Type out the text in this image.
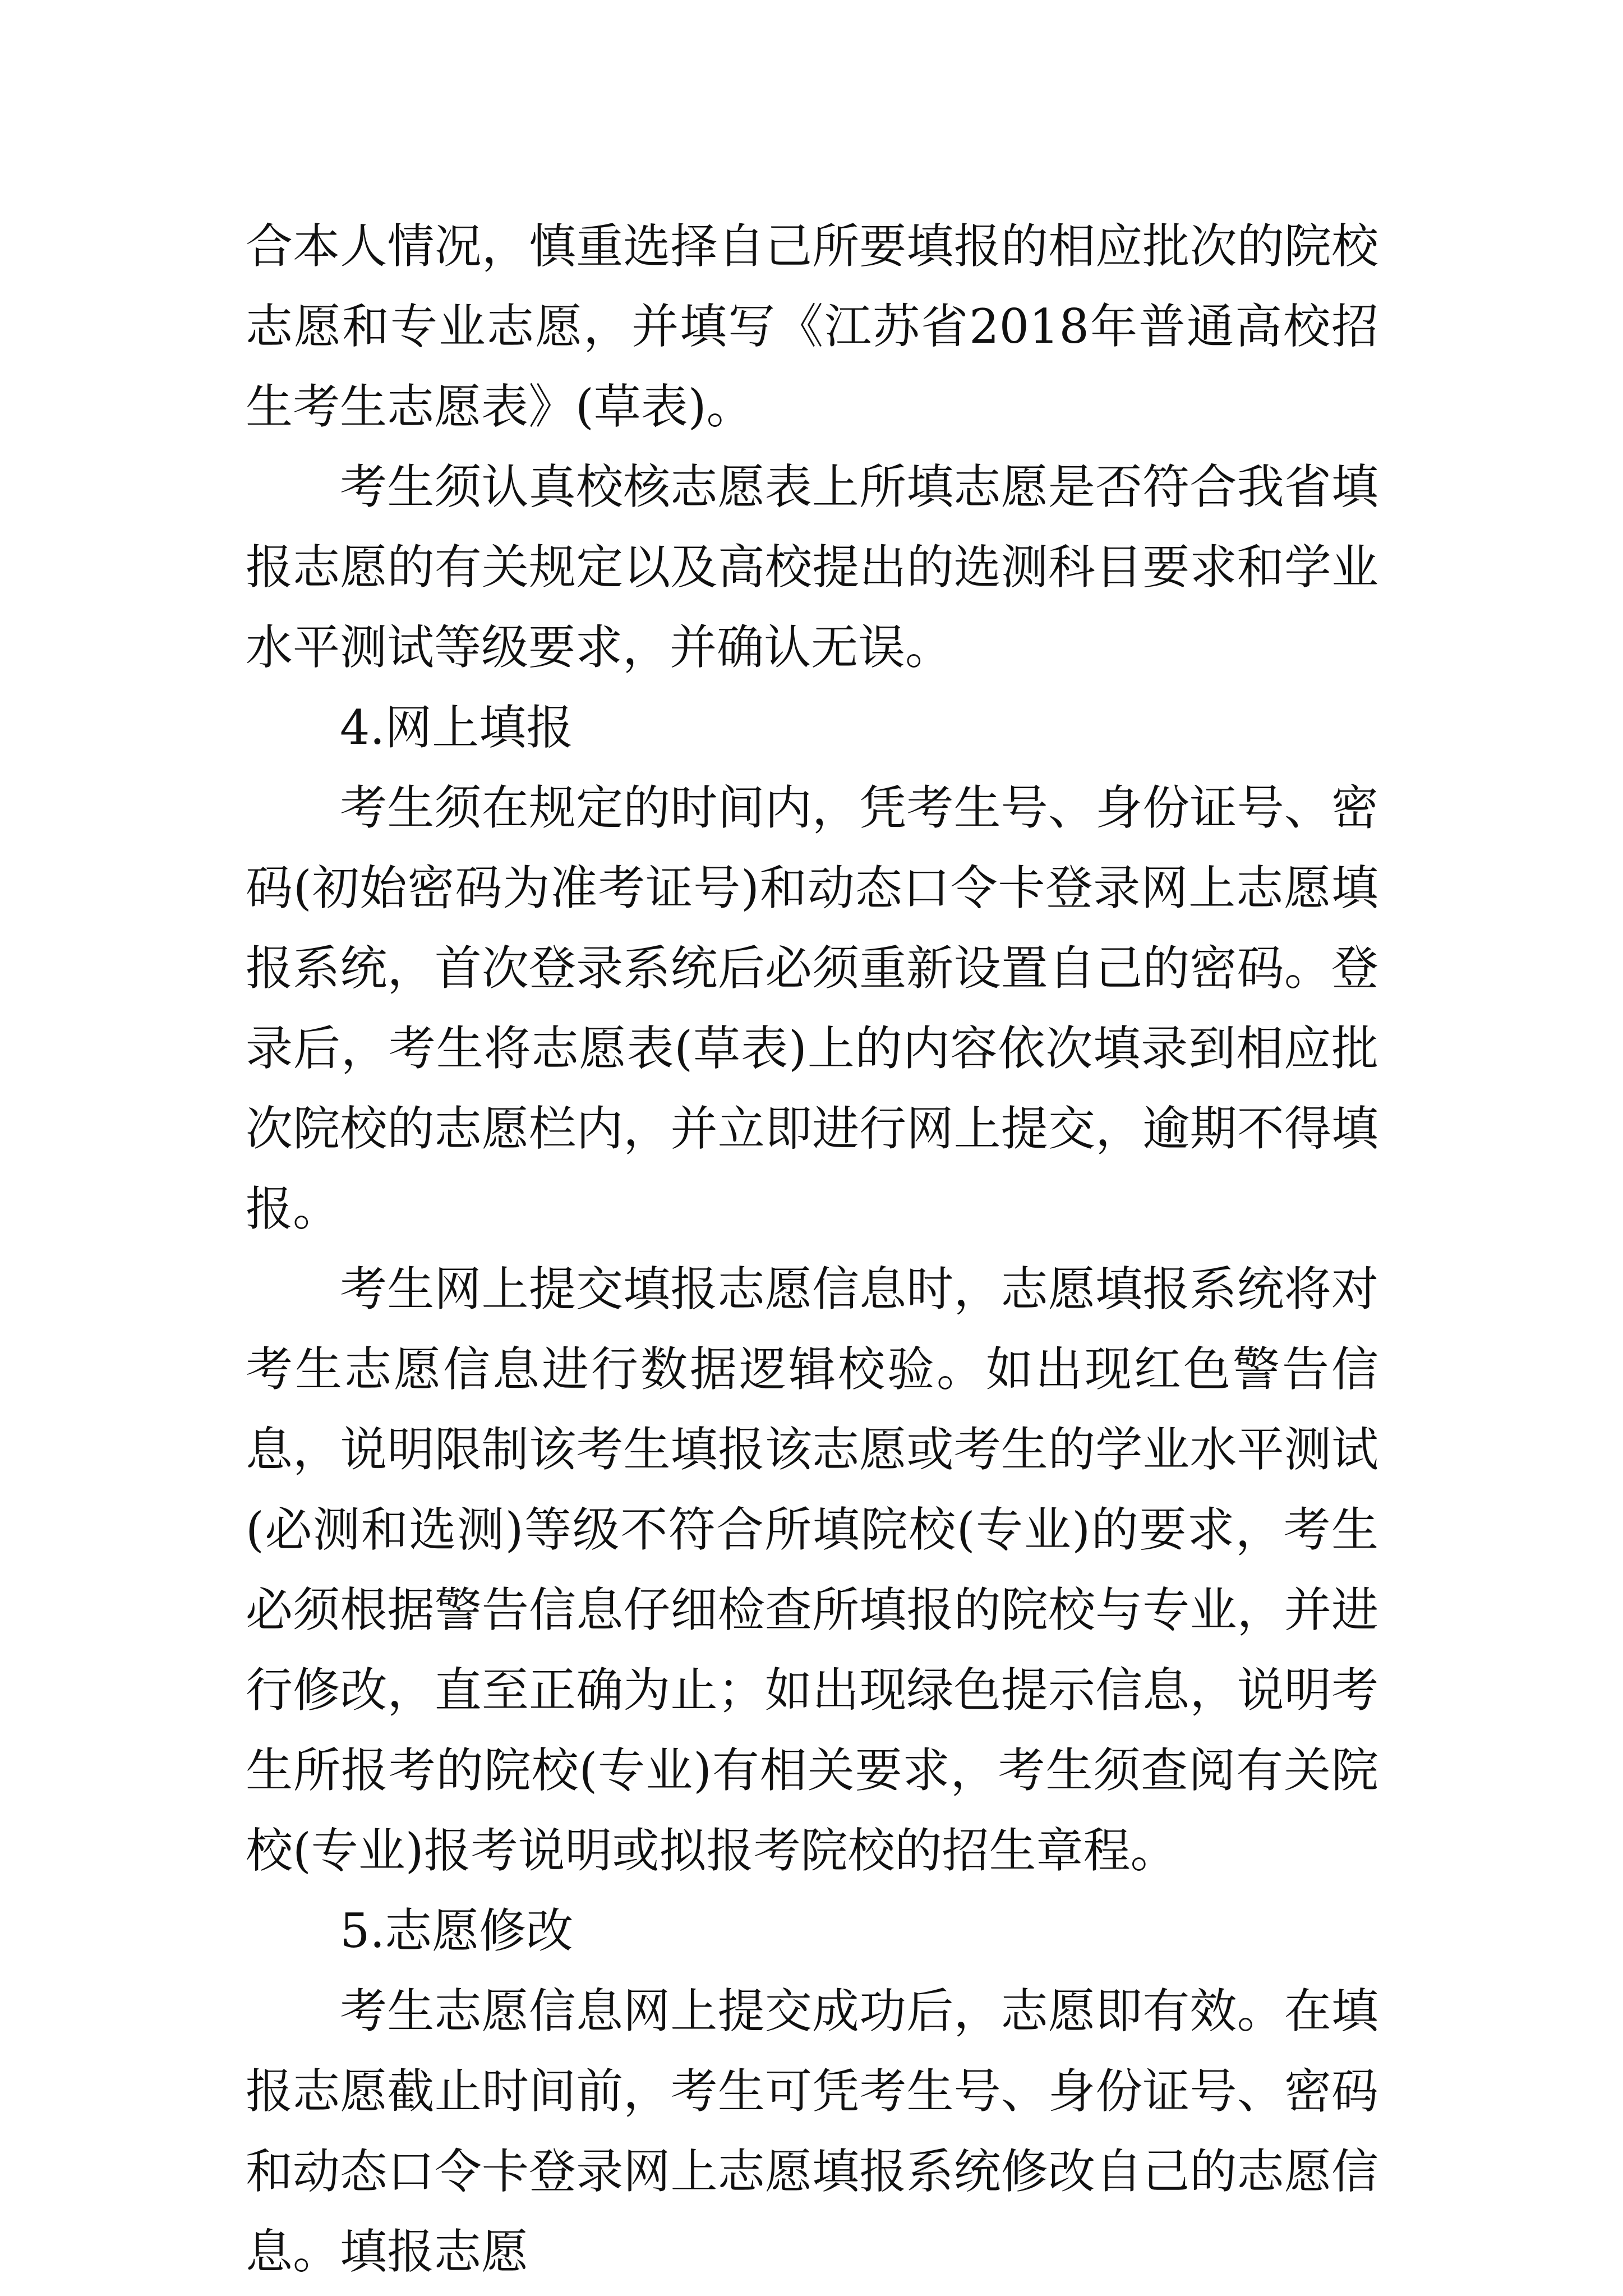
合本人情况，慎重选择自己所要填报的相应批次的院校志愿和专业志愿，并填写《江苏省2018年普通高校招生考生志愿表》(草表)。

考生须认真校核志愿表上所填志愿是否符合我省填报志愿的有关规定以及高校提出的选测科目要求和学业水平测试等级要求，并确认无误。

4.网上填报

考生须在规定的时间内，凭考生号、身份证号、密码(初始密码为准考证号)和动态口令卡登录网上志愿填报系统，首次登录系统后必须重新设置自己的密码。登录后，考生将志愿表(草表)上的内容依次填录到相应批次院校的志愿栏内，并立即进行网上提交，逾期不得填报。

考生网上提交填报志愿信息时，志愿填报系统将对考生志愿信息进行数据逻辑校验。如出现红色警告信息，说明限制该考生填报该志愿或考生的学业水平测试(必测和选测)等级不符合所填院校(专业)的要求，考生必须根据警告信息仔细检查所填报的院校与专业，并进行修改，直至正确为止；如出现绿色提示信息，说明考生所报考的院校(专业)有相关要求，考生须查阅有关院校(专业)报考说明或拟报考院校的招生章程。

5.志愿修改

考生志愿信息网上提交成功后，志愿即有效。在填报志愿截止时间前，考生可凭考生号、身份证号、密码和动态口令卡登录网上志愿填报系统修改自己的志愿信息。填报志愿
